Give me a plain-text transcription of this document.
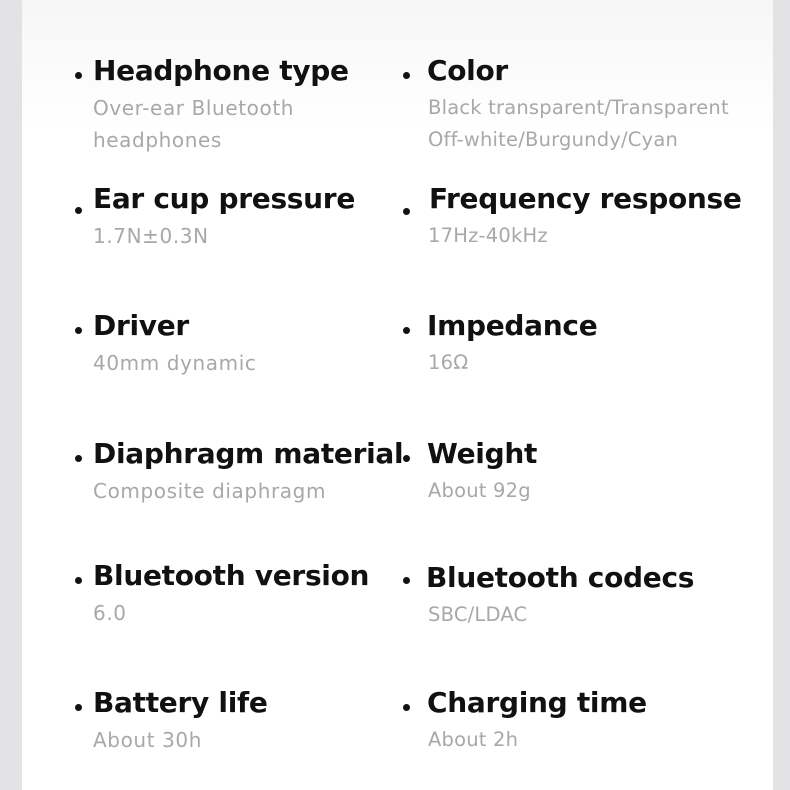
Headphone type
Over-ear Bluetooth
headphones
Color
Black transparent/Transparent
Off-white/Burgundy/Cyan
Ear cup pressure
1.7N±0.3N
Frequency response
17Hz-40kHz
Driver
40mm dynamic
Impedance
16Ω
Diaphragm material
Composite diaphragm
Weight
About 92g
Bluetooth version
6.0
Bluetooth codecs
SBC/LDAC
Battery life
About 30h
Charging time
About 2h
